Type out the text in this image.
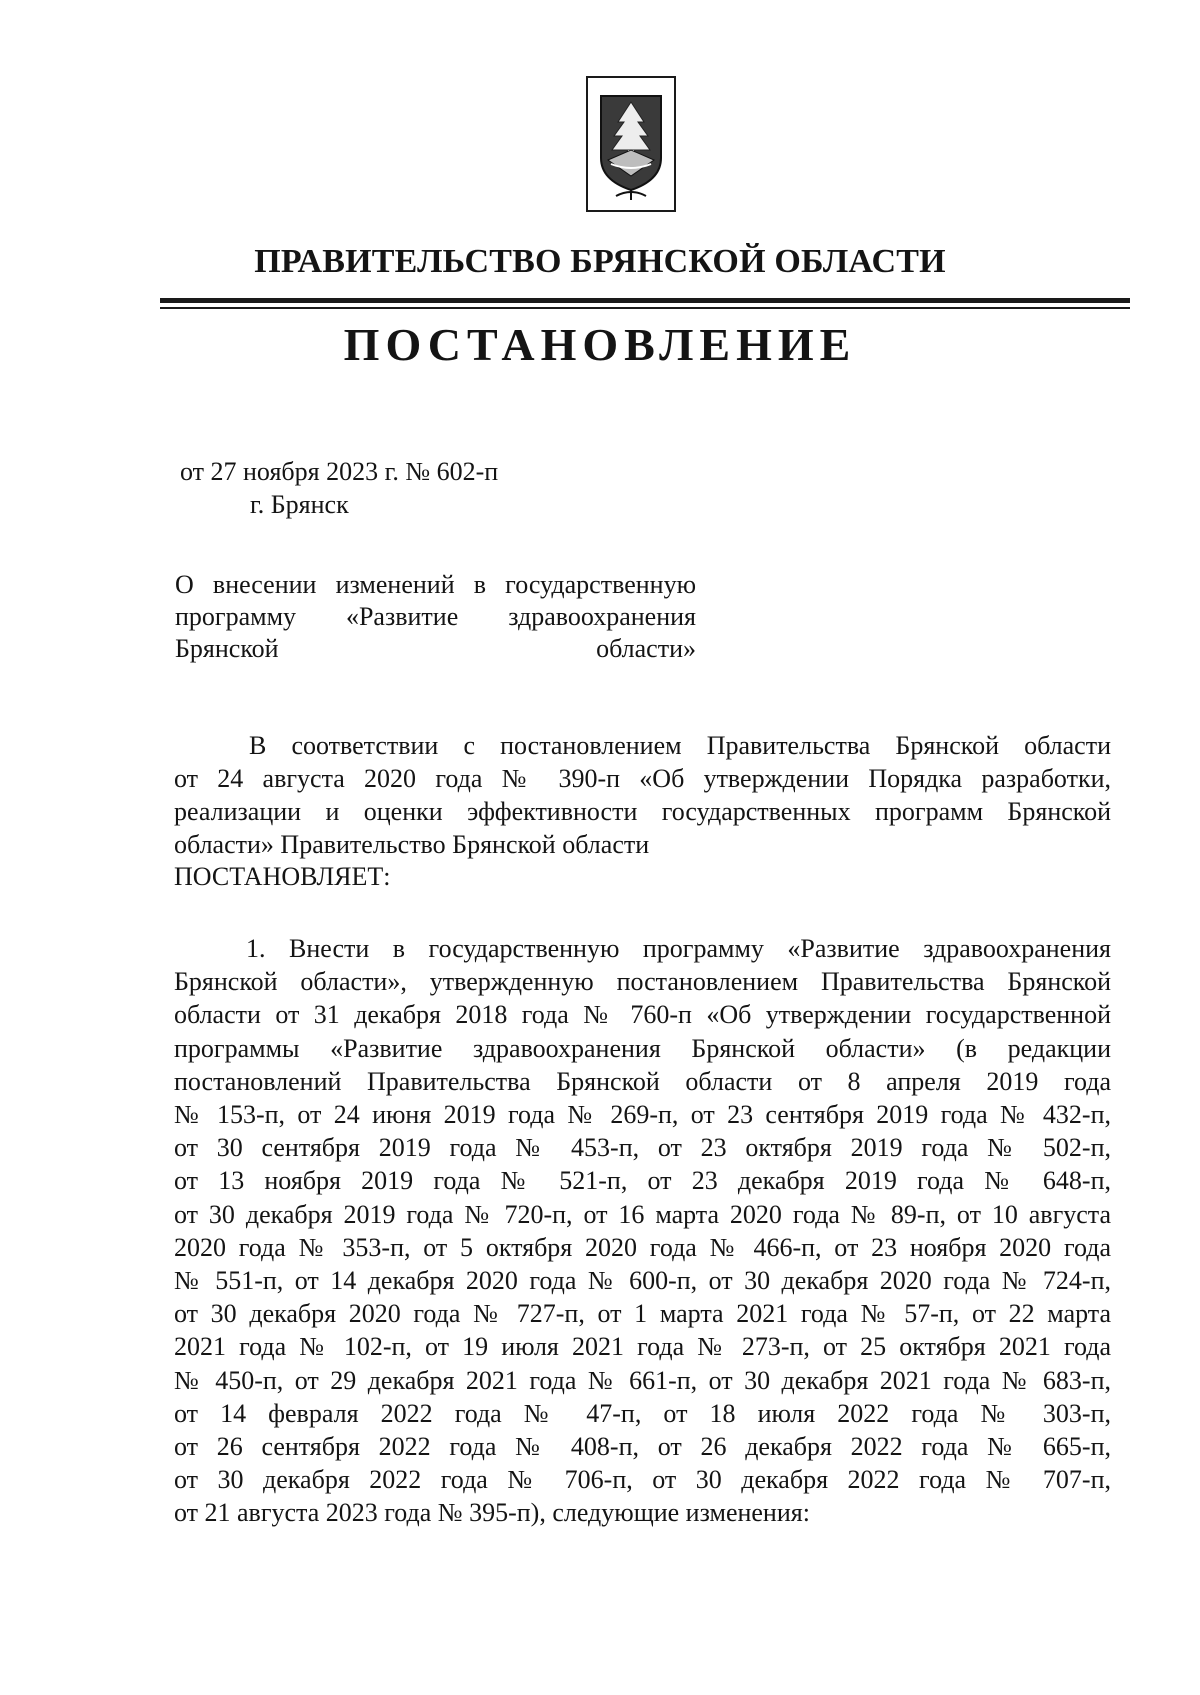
ПРАВИТЕЛЬСТВО БРЯНСКОЙ ОБЛАСТИ
ПОСТАНОВЛЕНИЕ
от 27 ноября 2023 г. № 602-п
г. Брянск
О внесении изменений в государственную
программу «Развитие здравоохранения
Брянской области»
В соответствии с постановлением Правительства Брянской области
от 24 августа 2020 года № 390-п «Об утверждении Порядка разработки,
реализации и оценки эффективности государственных программ Брянской
области» Правительство Брянской области
ПОСТАНОВЛЯЕТ:
1. Внести в государственную программу «Развитие здравоохранения
Брянской области», утвержденную постановлением Правительства Брянской
области от 31 декабря 2018 года № 760-п «Об утверждении государственной
программы «Развитие здравоохранения Брянской области» (в редакции
постановлений Правительства Брянской области от 8 апреля 2019 года
№ 153-п, от 24 июня 2019 года № 269-п, от 23 сентября 2019 года № 432-п,
от 30 сентября 2019 года № 453-п, от 23 октября 2019 года № 502-п,
от 13 ноября 2019 года № 521-п, от 23 декабря 2019 года № 648-п,
от 30 декабря 2019 года № 720-п, от 16 марта 2020 года № 89-п, от 10 августа
2020 года № 353-п, от 5 октября 2020 года № 466-п, от 23 ноября 2020 года
№ 551-п, от 14 декабря 2020 года № 600-п, от 30 декабря 2020 года № 724-п,
от 30 декабря 2020 года № 727-п, от 1 марта 2021 года № 57-п, от 22 марта
2021 года № 102-п, от 19 июля 2021 года № 273-п, от 25 октября 2021 года
№ 450-п, от 29 декабря 2021 года № 661-п, от 30 декабря 2021 года № 683-п,
от 14 февраля 2022 года № 47-п, от 18 июля 2022 года № 303-п,
от 26 сентября 2022 года № 408-п, от 26 декабря 2022 года № 665-п,
от 30 декабря 2022 года № 706-п, от 30 декабря 2022 года № 707-п,
от 21 августа 2023 года № 395-п), следующие изменения:
